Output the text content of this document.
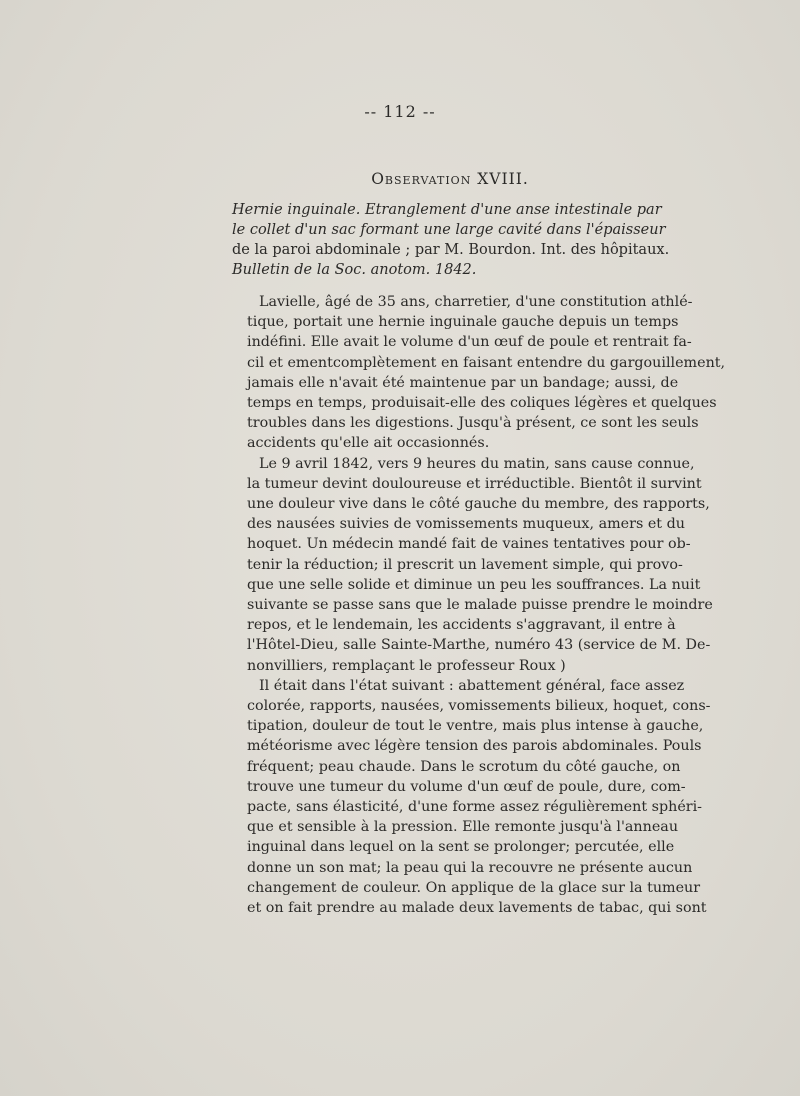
-- 112 --
Observation XVIII.
Hernie inguinale. Etranglement d'une anse intestinale par
le collet d'un sac formant une large cavité dans l'épaisseur
de la paroi abdominale ; par M. Bourdon. Int. des hôpitaux.
Bulletin de la Soc. anotom. 1842.
Lavielle, âgé de 35 ans, charretier, d'une constitution athlé-
tique, portait une hernie inguinale gauche depuis un temps
indéfini. Elle avait le volume d'un œuf de poule et rentrait fa-
cil et ementcomplètement en faisant entendre du gargouillement,
jamais elle n'avait été maintenue par un bandage; aussi, de
temps en temps, produisait-elle des coliques légères et quelques
troubles dans les digestions. Jusqu'à présent, ce sont les seuls
accidents qu'elle ait occasionnés.
Le 9 avril 1842, vers 9 heures du matin, sans cause connue,
la tumeur devint douloureuse et irréductible. Bientôt il survint
une douleur vive dans le côté gauche du membre, des rapports,
des nausées suivies de vomissements muqueux, amers et du
hoquet. Un médecin mandé fait de vaines tentatives pour ob-
tenir la réduction; il prescrit un lavement simple, qui provo-
que une selle solide et diminue un peu les souffrances. La nuit
suivante se passe sans que le malade puisse prendre le moindre
repos, et le lendemain, les accidents s'aggravant, il entre à
l'Hôtel-Dieu, salle Sainte-Marthe, numéro 43 (service de M. De-
nonvilliers, remplaçant le professeur Roux )
Il était dans l'état suivant : abattement général, face assez
colorée, rapports, nausées, vomissements bilieux, hoquet, cons-
tipation, douleur de tout le ventre, mais plus intense à gauche,
météorisme avec légère tension des parois abdominales. Pouls
fréquent; peau chaude. Dans le scrotum du côté gauche, on
trouve une tumeur du volume d'un œuf de poule, dure, com-
pacte, sans élasticité, d'une forme assez régulièrement sphéri-
que et sensible à la pression. Elle remonte jusqu'à l'anneau
inguinal dans lequel on la sent se prolonger; percutée, elle
donne un son mat; la peau qui la recouvre ne présente aucun
changement de couleur. On applique de la glace sur la tumeur
et on fait prendre au malade deux lavements de tabac, qui sont
